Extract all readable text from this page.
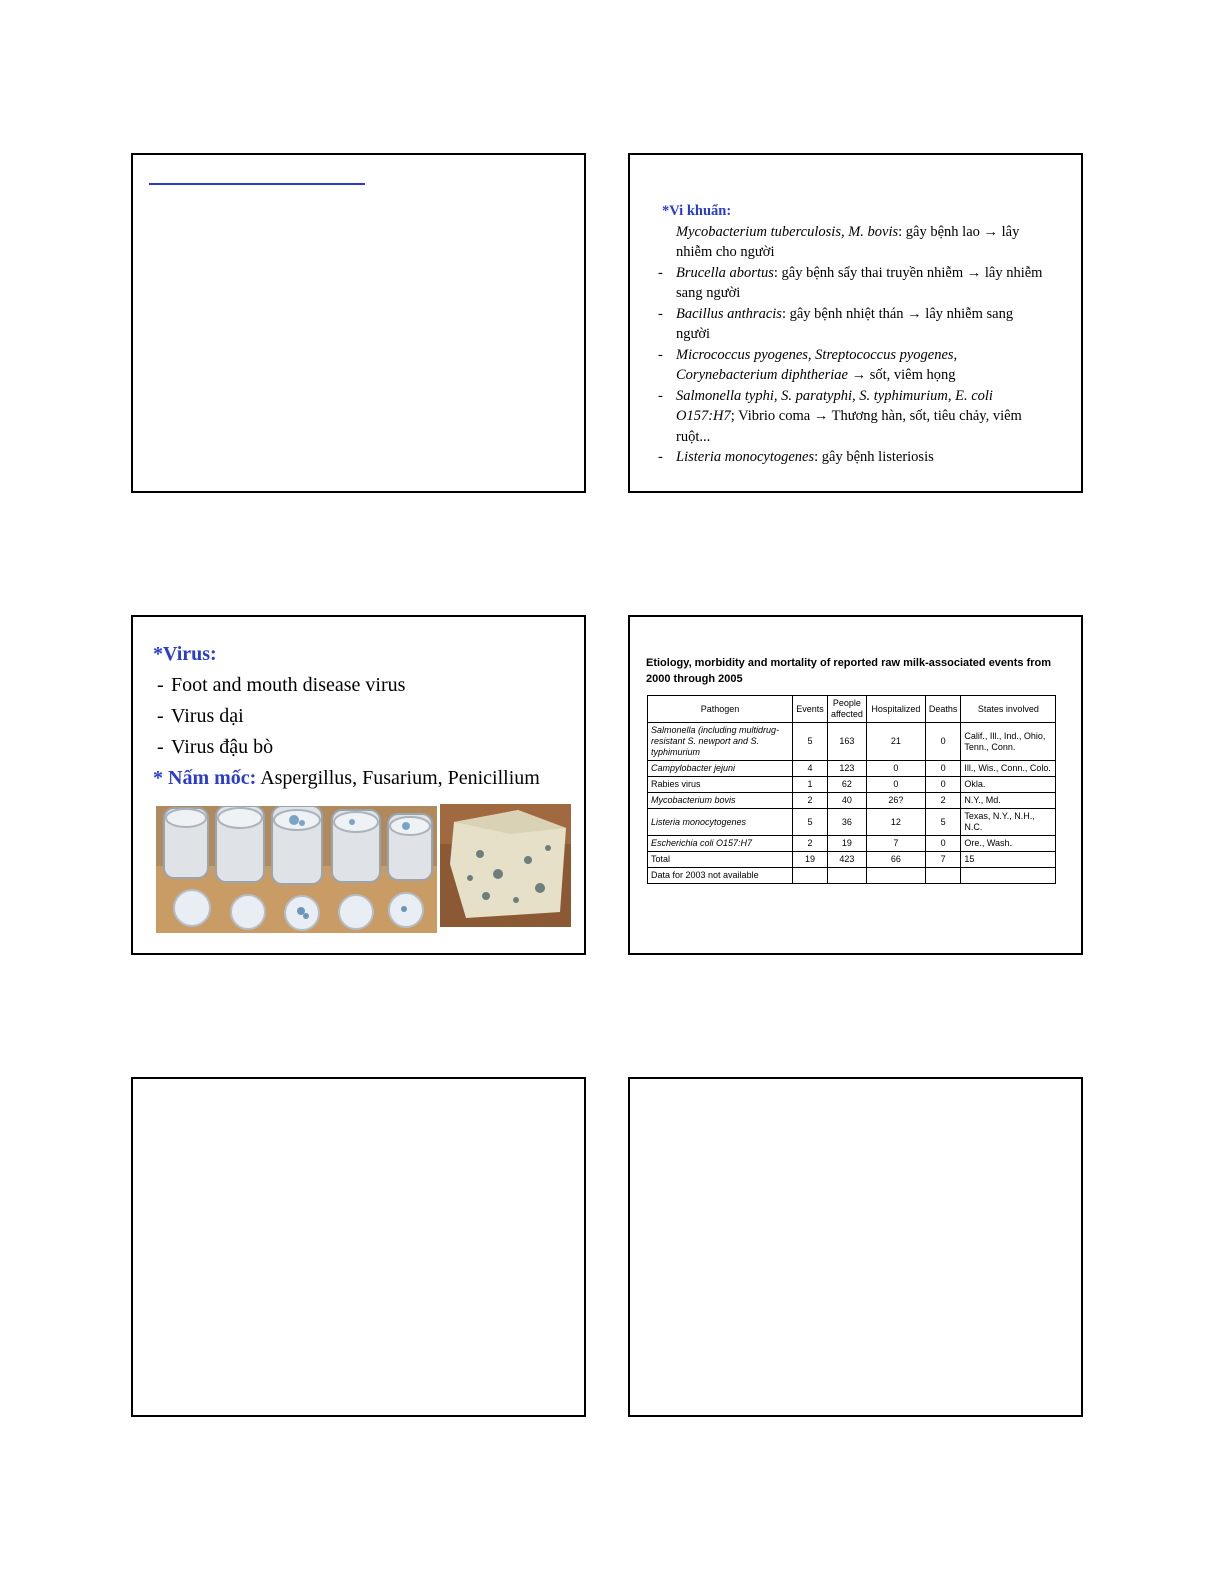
*Vi khuẩn:
Mycobacterium tuberculosis, M. bovis: gây bệnh lao → lây nhiễm cho người
- Brucella abortus: gây bệnh sẩy thai truyền nhiễm → lây nhiễm sang người
- Bacillus anthracis: gây bệnh nhiệt thán → lây nhiễm sang người
- Micrococcus pyogenes, Streptococcus pyogenes, Corynebacterium diphtheriae → sốt, viêm họng
- Salmonella typhi, S. paratyphi, S. typhimurium, E. coli O157:H7; Vibrio coma → Thương hàn, sốt, tiêu chảy, viêm ruột...
- Listeria monocytogenes: gây bệnh listeriosis
*Virus:
- Foot and mouth disease virus
- Virus dại
- Virus đậu bò
* Nấm mốc: Aspergillus, Fusarium, Penicillium
Etiology, morbidity and mortality of reported raw milk-associated events from 2000 through 2005
Pathogen	Events	People affected	Hospitalized	Deaths	States involved
Salmonella (including multidrug-resistant S. newport and S. typhimurium	5	163	21	0	Calif., Ill., Ind., Ohio, Tenn., Conn.
Campylobacter jejuni	4	123	0	0	Ill., Wis., Conn., Colo.
Rabies virus	1	62	0	0	Okla.
Mycobacterium bovis	2	40	26?	2	N.Y., Md.
Listeria monocytogenes	5	36	12	5	Texas, N.Y., N.H., N.C.
Escherichia coli O157:H7	2	19	7	0	Ore., Wash.
Total	19	423	66	7	15
Data for 2003 not available					
